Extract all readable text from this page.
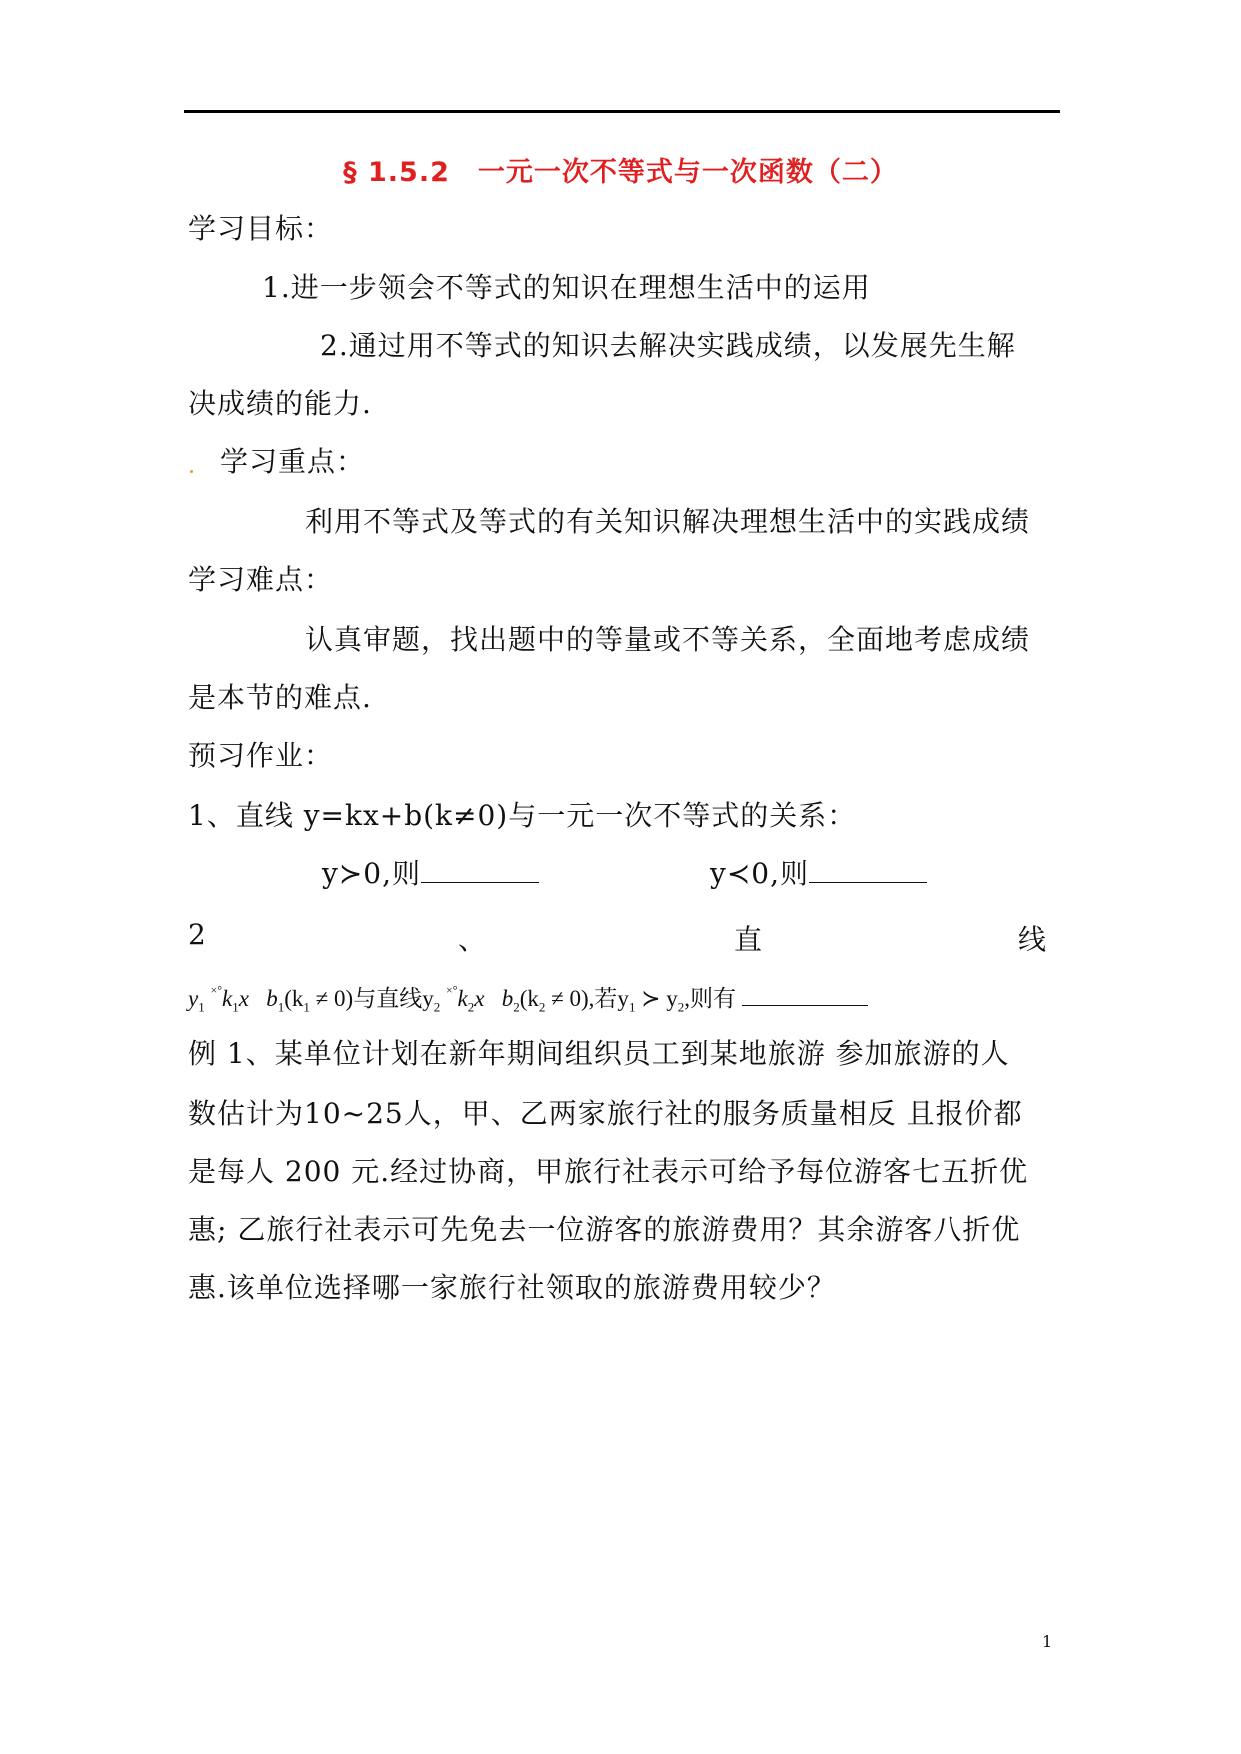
§ 1.5.2　一元一次不等式与一次函数（二）
学习目标：
1.进一步领会不等式的知识在理想生活中的运用
2.通过用不等式的知识去解决实践成绩，以发展先生解
决成绩的能力.
学习重点：
利用不等式及等式的有关知识解决理想生活中的实践成绩
学习难点：
认真审题，找出题中的等量或不等关系，全面地考虑成绩
是本节的难点.
预习作业：
1、直线 y=kx+b(k≠0)与一元一次不等式的关系：
y≻0,则	y≺0,则
2	、	直	线
$y_1$ $^{\times^\circ}k_1x$ $b_1(k_1 \ne 0)$与直线$y_2$ $^{\times^\circ}k_2x$ $b_2(k_2 \ne 0)$,若$y_1$ ≻ $y_2$,则有
例 1、某单位计划在新年期间组织员工到某地旅游 参加旅游的人
数估计为10~25人，甲、乙两家旅行社的服务质量相反 且报价都
是每人 200 元.经过协商，甲旅行社表示可给予每位游客七五折优
惠; 乙旅行社表示可先免去一位游客的旅游费用？其余游客八折优
惠.该单位选择哪一家旅行社领取的旅游费用较少？
1
